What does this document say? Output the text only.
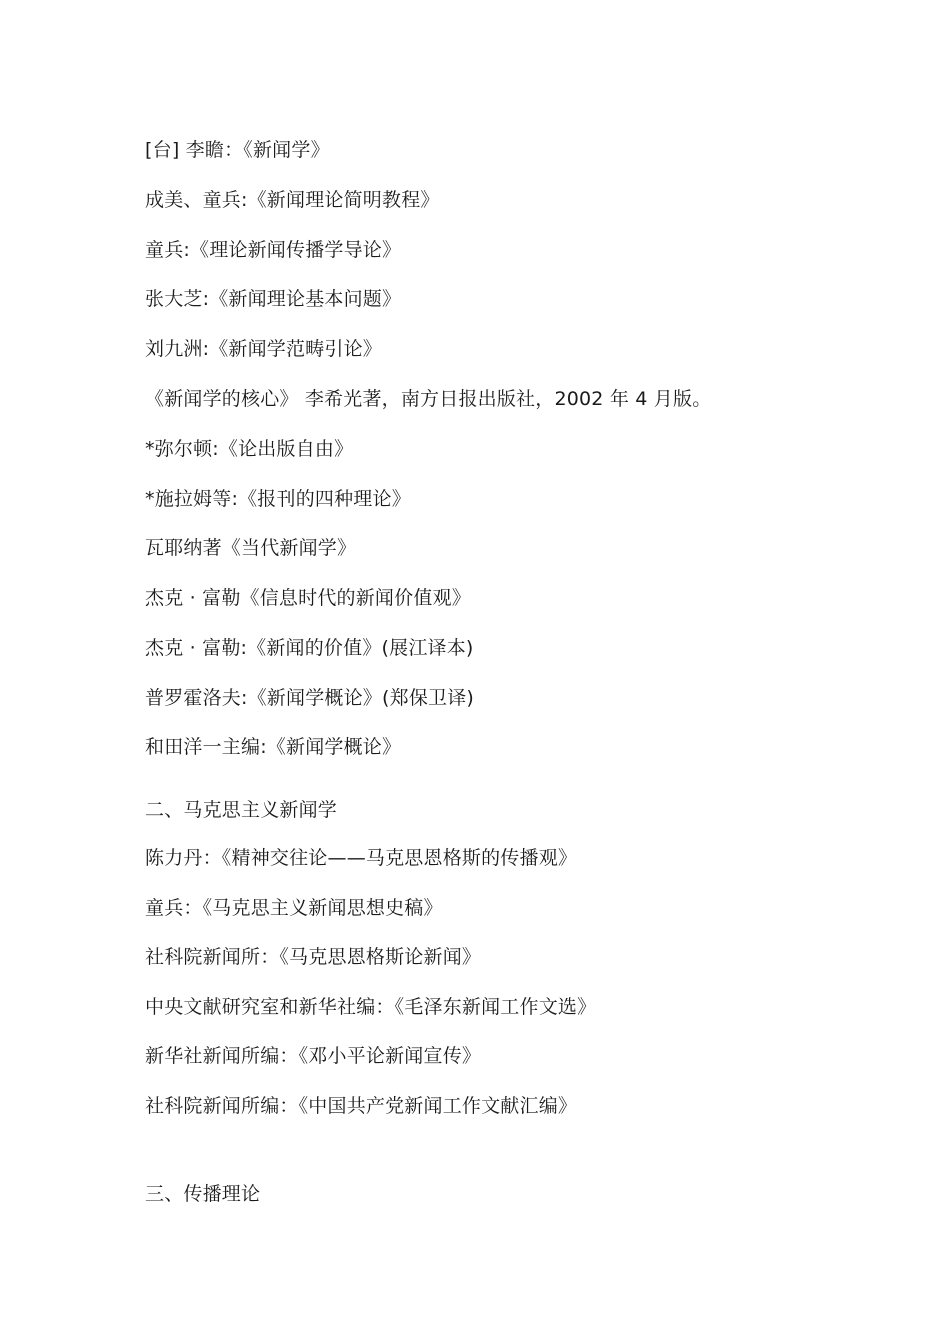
[台] 李瞻：《新闻学》
成美、童兵:《新闻理论简明教程》
童兵:《理论新闻传播学导论》
张大芝:《新闻理论基本问题》
刘九洲:《新闻学范畴引论》
《新闻学的核心》 李希光著，南方日报出版社，2002 年 4 月版。
*弥尔顿:《论出版自由》
*施拉姆等:《报刊的四种理论》
瓦耶纳著《当代新闻学》
杰克 · 富勒《信息时代的新闻价值观》
杰克 · 富勒:《新闻的价值》(展江译本)
普罗霍洛夫:《新闻学概论》(郑保卫译)
和田洋一主编:《新闻学概论》
二、马克思主义新闻学
陈力丹：《精神交往论——马克思恩格斯的传播观》
童兵：《马克思主义新闻思想史稿》
社科院新闻所：《马克思恩格斯论新闻》
中央文献研究室和新华社编：《毛泽东新闻工作文选》
新华社新闻所编：《邓小平论新闻宣传》
社科院新闻所编：《中国共产党新闻工作文献汇编》
三、传播理论
